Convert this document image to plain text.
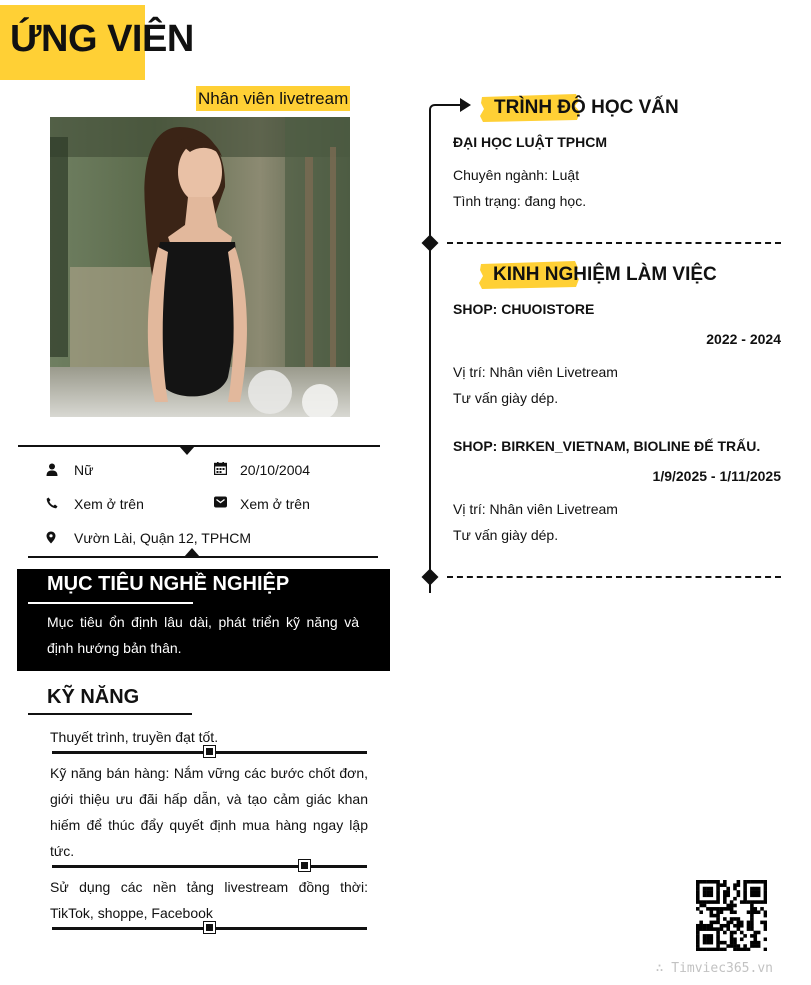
ỨNG VIÊN
Nhân viên livetream
Nữ	20/10/2004
Xem ở trên	Xem ở trên
Vườn Lài, Quận 12, TPHCM
MỤC TIÊU NGHỀ NGHIỆP
Mục tiêu ổn định lâu dài, phát triển kỹ năng và định hướng bản thân.
KỸ NĂNG
Thuyết trình, truyền đạt tốt.
Kỹ năng bán hàng: Nắm vững các bước chốt đơn, giới thiệu ưu đãi hấp dẫn, và tạo cảm giác khan hiếm để thúc đẩy quyết định mua hàng ngay lập tức.
Sử dụng các nền tảng livestream đồng thời: TikTok, shoppe, Facebook
TRÌNH ĐỘ HỌC VẤN
ĐẠI HỌC LUẬT TPHCM
Chuyên ngành: Luật
Tình trạng: đang học.
KINH NGHIỆM LÀM VIỆC
SHOP: CHUOISTORE
2022 - 2024
Vị trí: Nhân viên Livetream
Tư vấn giày dép.
SHOP: BIRKEN_VIETNAM, BIOLINE ĐẾ TRẤU.
1/9/2025 - 1/11/2025
Vị trí: Nhân viên Livetream
Tư vấn giày dép.
∴ Timviec365.vn
